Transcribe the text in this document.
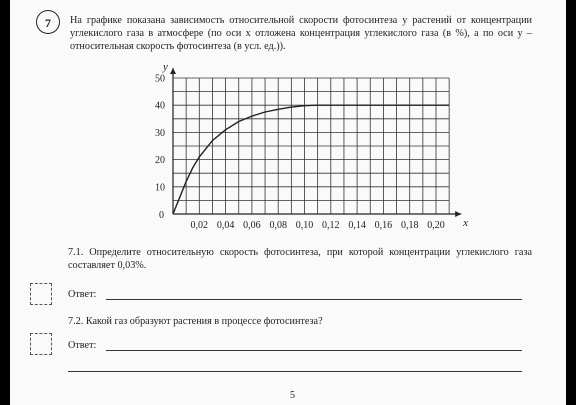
7	На графике показана зависимость относительной скорости фотосинтеза у растений от концентрации углекислого газа в атмосфере (по оси x отложена концентрация углекислого газа (в %), а по оси y – относительная скорость фотосинтеза (в усл. ед.)).
0,02 0,04 0,06 0,08 0,10 0,12 0,14 0,16 0,18 0,20
10
20
30
40
50
x
y
0
7.1. Определите относительную скорость фотосинтеза, при которой концентрации углекислого газа составляет 0,03%.
Ответ:
7.2. Какой газ образуют растения в процессе фотосинтеза?
Ответ:
5
